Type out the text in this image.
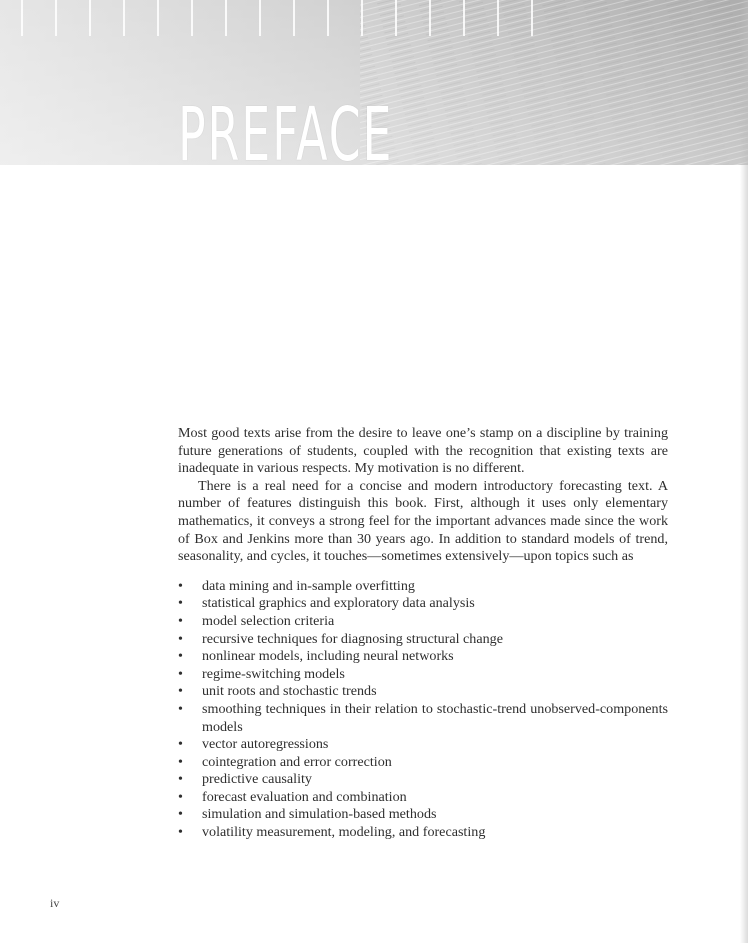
PREFACE

Most good texts arise from the desire to leave one’s stamp on a discipline by training future generations of students, coupled with the recognition that existing texts are inadequate in various respects. My motivation is no different.

There is a real need for a concise and modern introductory forecasting text. A number of features distinguish this book. First, although it uses only elementary mathematics, it conveys a strong feel for the important advances made since the work of Box and Jenkins more than 30 years ago. In addition to standard models of trend, seasonality, and cycles, it touches—sometimes extensively—upon topics such as

•	data mining and in-sample overfitting
•	statistical graphics and exploratory data analysis
•	model selection criteria
•	recursive techniques for diagnosing structural change
•	nonlinear models, including neural networks
•	regime-switching models
•	unit roots and stochastic trends
•	smoothing techniques in their relation to stochastic-trend unobserved-components models
•	vector autoregressions
•	cointegration and error correction
•	predictive causality
•	forecast evaluation and combination
•	simulation and simulation-based methods
•	volatility measurement, modeling, and forecasting
iv
